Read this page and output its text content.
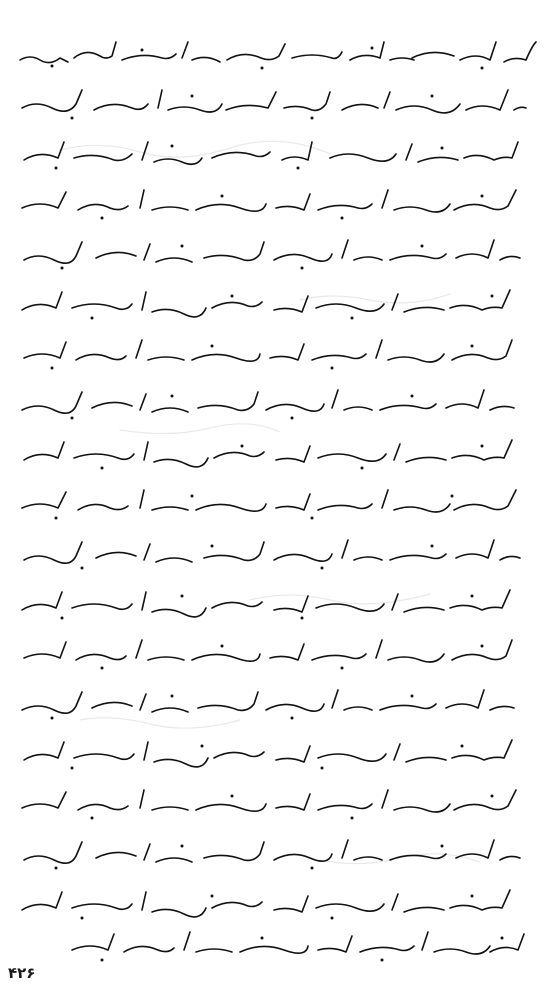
۴۲۶
